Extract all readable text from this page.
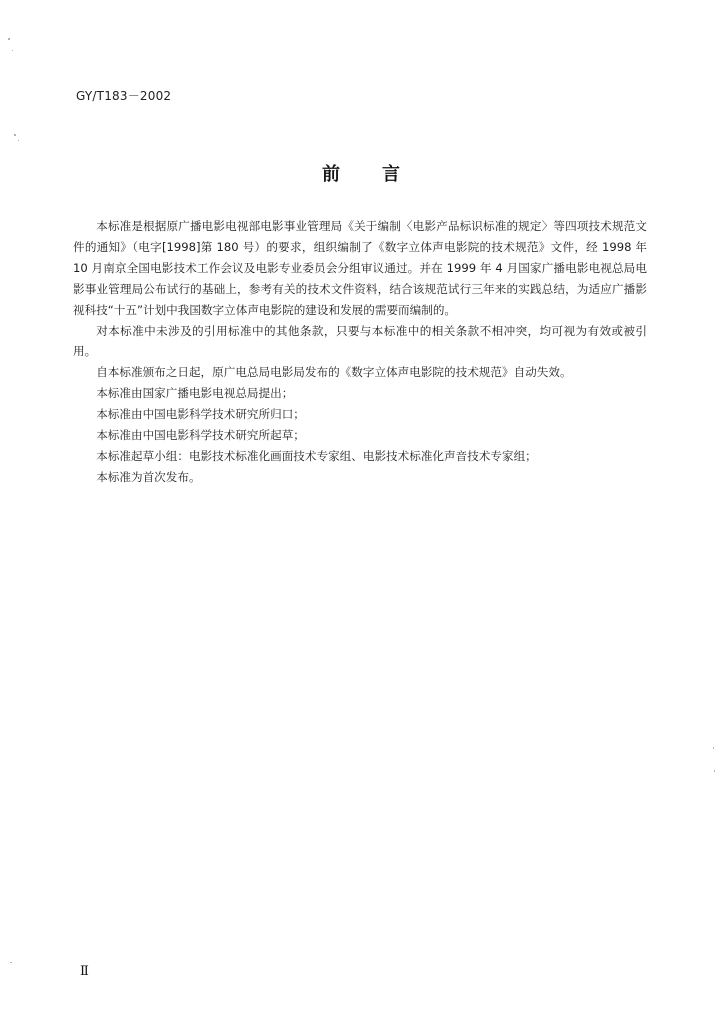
GY/T183－2002
前言

本标准是根据原广播电影电视部电影事业管理局《关于编制〈电影产品标识标准的规定〉等四项技术规范文件的通知》（电字[1998]第 180 号）的要求，组织编制了《数字立体声电影院的技术规范》文件，经 1998 年 10 月南京全国电影技术工作会议及电影专业委员会分组审议通过。并在 1999 年 4 月国家广播电影电视总局电影事业管理局公布试行的基础上，参考有关的技术文件资料，结合该规范试行三年来的实践总结，为适应广播影视科技“十五”计划中我国数字立体声电影院的建设和发展的需要而编制的。

对本标准中未涉及的引用标准中的其他条款，只要与本标准中的相关条款不相冲突，均可视为有效或被引用。

自本标准颁布之日起，原广电总局电影局发布的《数字立体声电影院的技术规范》自动失效。

本标准由国家广播电影电视总局提出；

本标准由中国电影科学技术研究所归口；

本标准由中国电影科学技术研究所起草；

本标准起草小组：电影技术标准化画面技术专家组、电影技术标准化声音技术专家组；

本标准为首次发布。

Ⅱ
